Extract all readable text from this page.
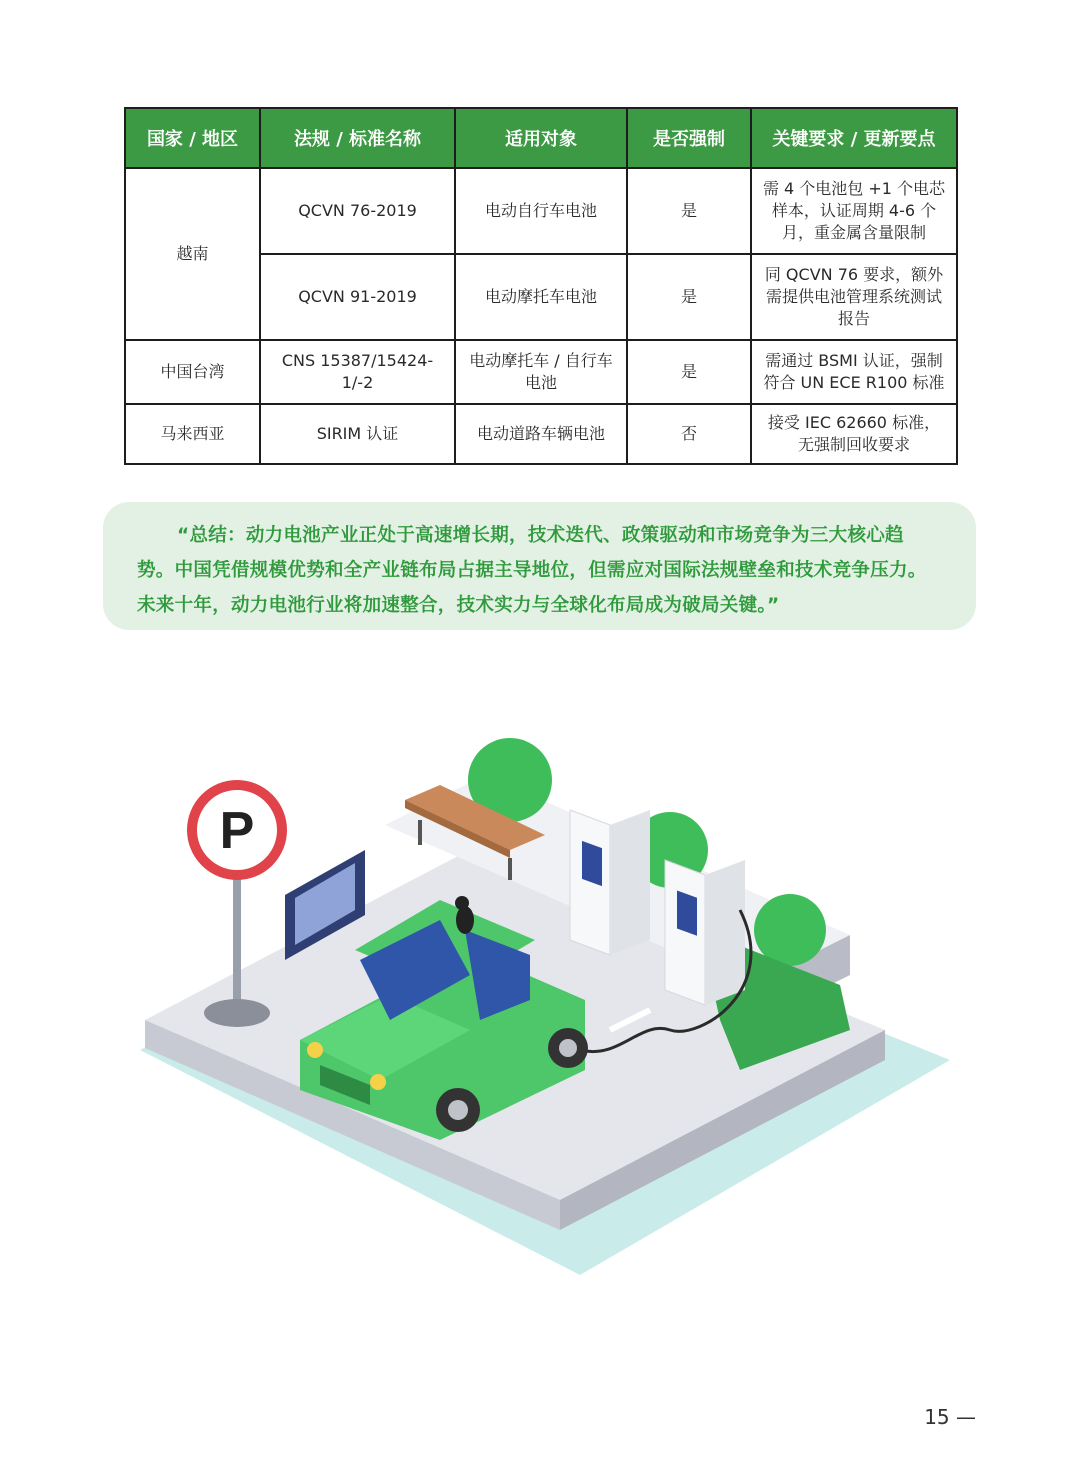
国家 / 地区	法规 / 标准名称	适用对象	是否强制	关键要求 / 更新要点
越南	QCVN 76-2019	电动自行车电池	是	需 4 个电池包 +1 个电芯样本，认证周期 4-6 个月，重金属含量限制
	QCVN 91-2019	电动摩托车电池	是	同 QCVN 76 要求，额外需提供电池管理系统测试报告
中国台湾	CNS 15387/15424-1/-2	电动摩托车 / 自行车电池	是	需通过 BSMI 认证，强制符合 UN ECE R100 标准
马来西亚	SIRIM 认证	电动道路车辆电池	否	接受 IEC 62660 标准，无强制回收要求

“总结：动力电池产业正处于高速增长期，技术迭代、政策驱动和市场竞争为三大核心趋势。中国凭借规模优势和全产业链布局占据主导地位，但需应对国际法规壁垒和技术竞争压力。未来十年，动力电池行业将加速整合，技术实力与全球化布局成为破局关键。”

P
15 —
